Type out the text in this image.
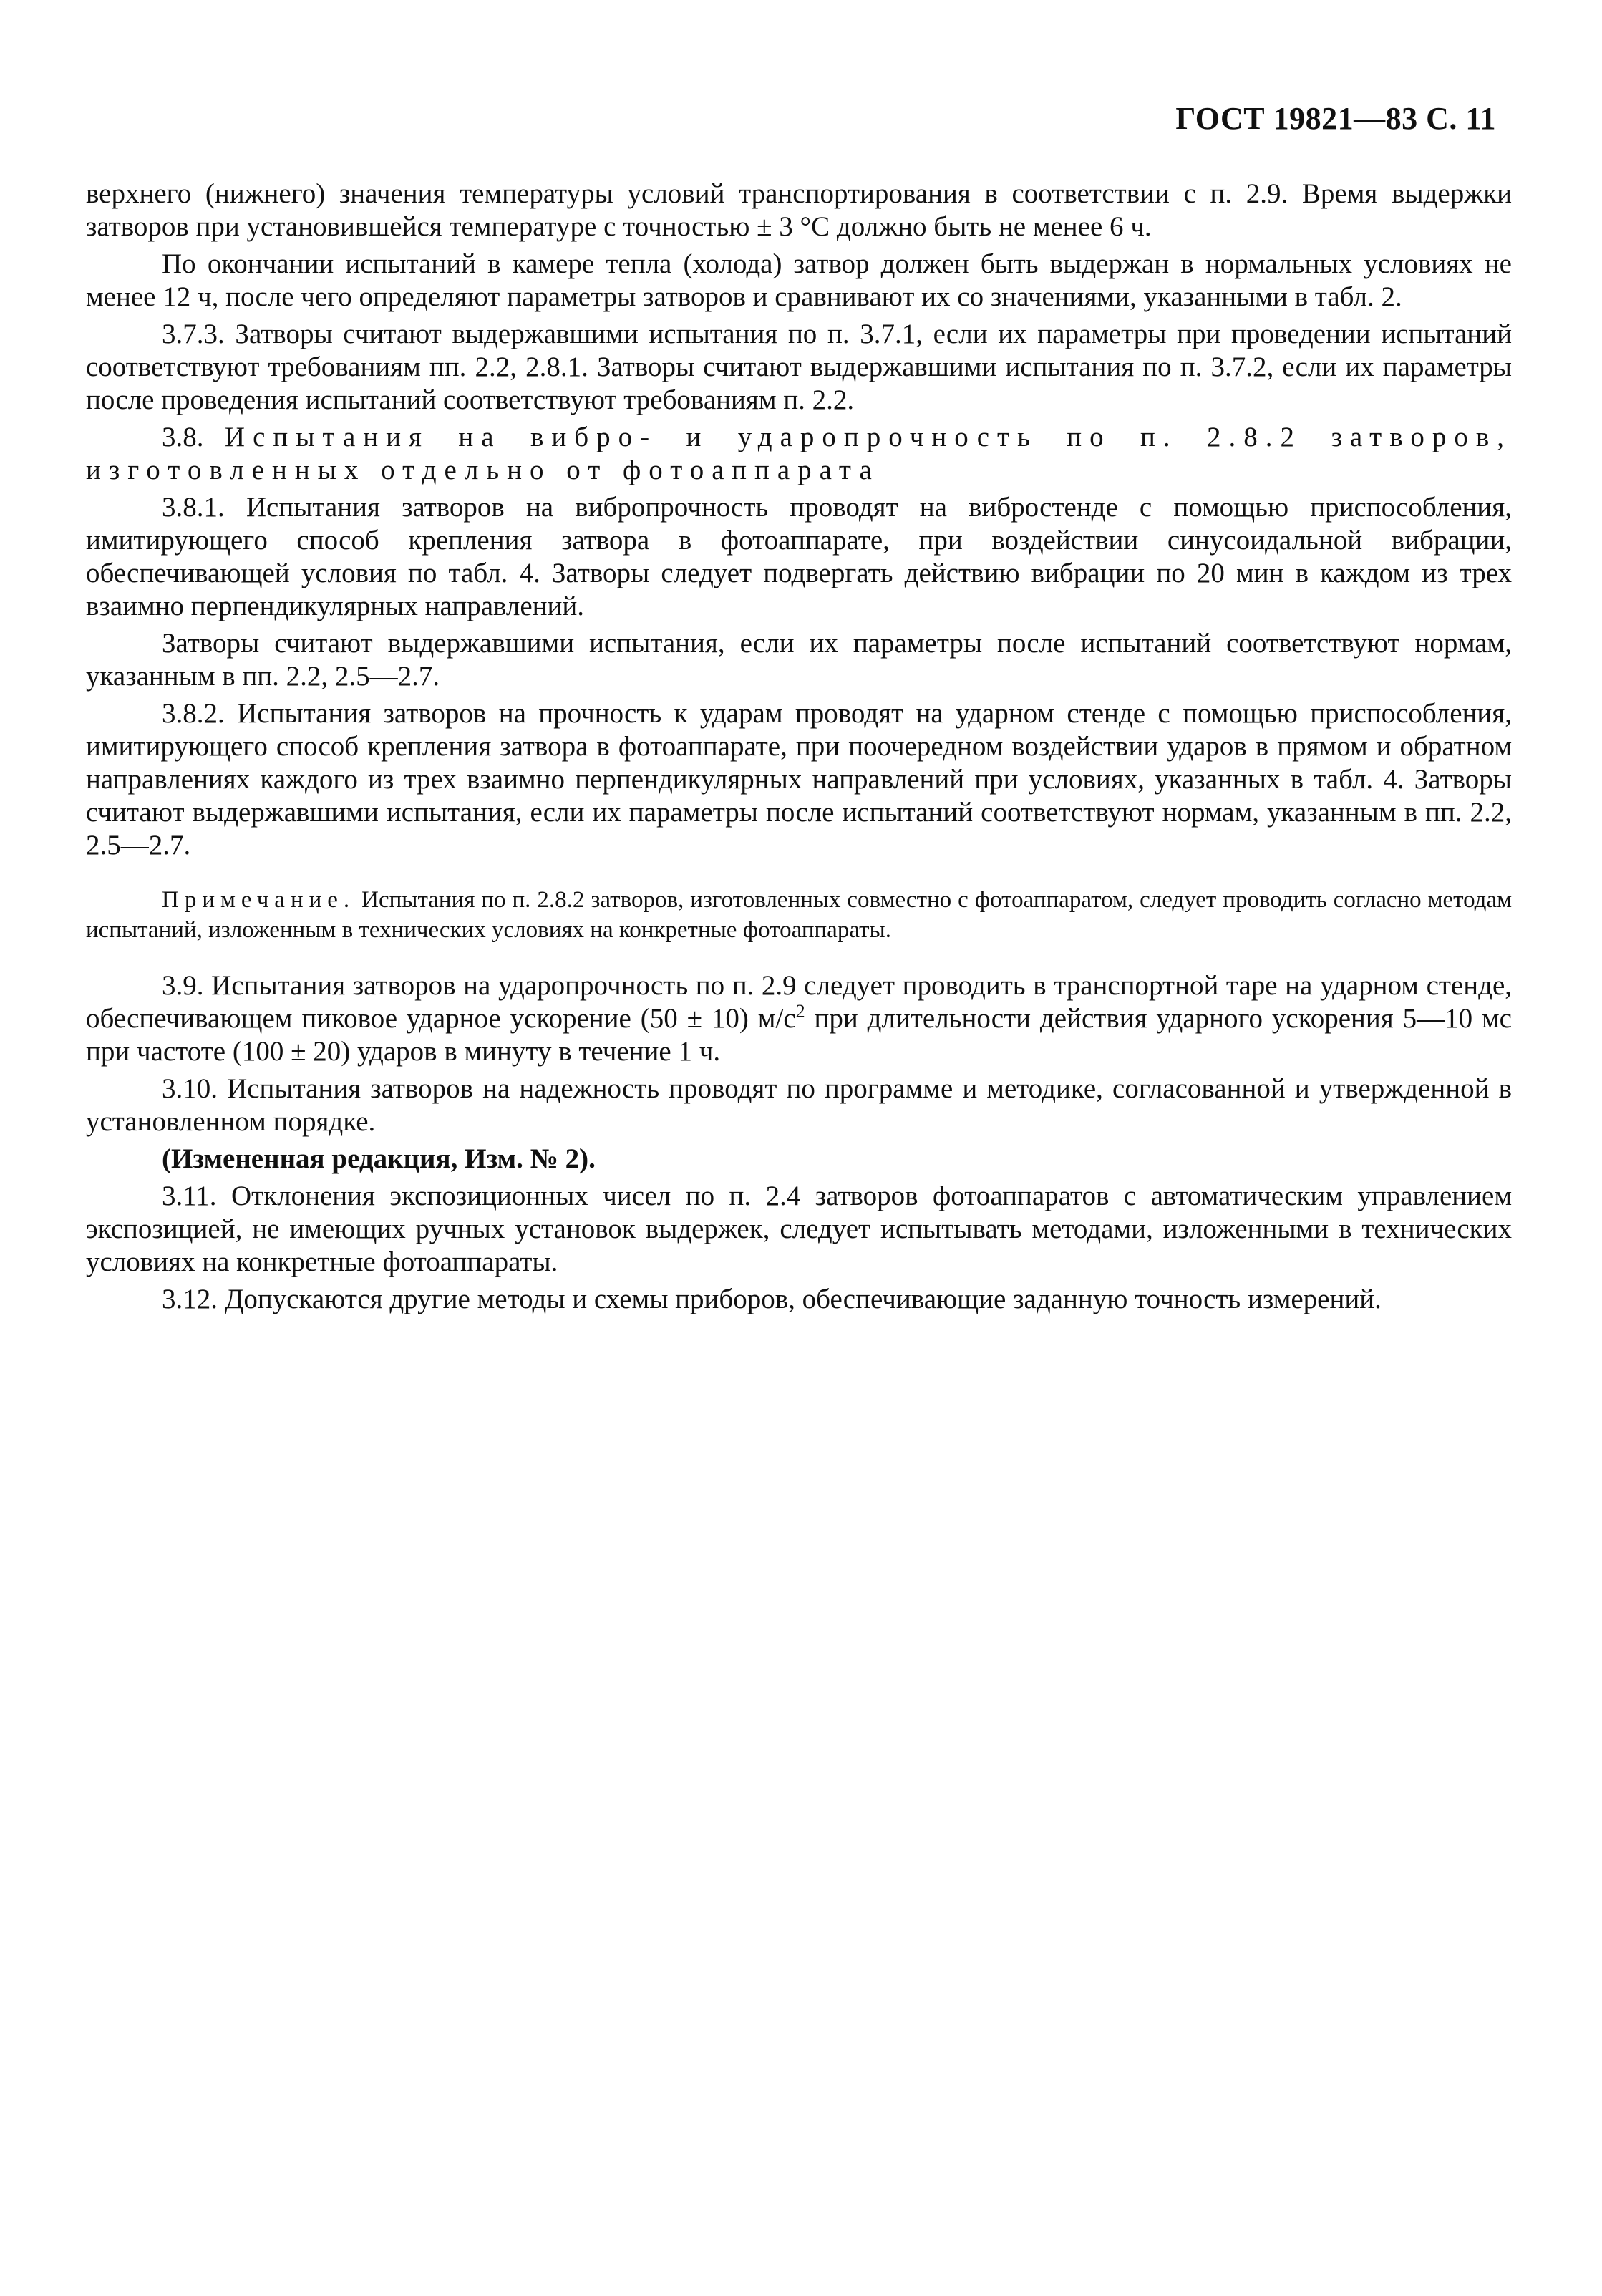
ГОСТ 19821—83 С. 11

верхнего (нижнего) значения температуры условий транспортирования в соответствии с п. 2.9. Время выдержки затворов при установившейся температуре с точностью ± 3 °С должно быть не менее 6 ч.

По окончании испытаний в камере тепла (холода) затвор должен быть выдержан в нормальных условиях не менее 12 ч, после чего определяют параметры затворов и сравнивают их со значениями, указанными в табл. 2.

3.7.3. Затворы считают выдержавшими испытания по п. 3.7.1, если их параметры при проведении испытаний соответствуют требованиям пп. 2.2, 2.8.1. Затворы считают выдержавшими испытания по п. 3.7.2, если их параметры после проведения испытаний соответствуют требованиям п. 2.2.

3.8. Испытания на вибро- и ударопрочность по п. 2.8.2 затворов, изготовленных отдельно от фотоаппарата

3.8.1. Испытания затворов на вибропрочность проводят на вибростенде с помощью приспособления, имитирующего способ крепления затвора в фотоаппарате, при воздействии синусоидальной вибрации, обеспечивающей условия по табл. 4. Затворы следует подвергать действию вибрации по 20 мин в каждом из трех взаимно перпендикулярных направлений.

Затворы считают выдержавшими испытания, если их параметры после испытаний соответствуют нормам, указанным в пп. 2.2, 2.5—2.7.

3.8.2. Испытания затворов на прочность к ударам проводят на ударном стенде с помощью приспособления, имитирующего способ крепления затвора в фотоаппарате, при поочередном воздействии ударов в прямом и обратном направлениях каждого из трех взаимно перпендикулярных направлений при условиях, указанных в табл. 4. Затворы считают выдержавшими испытания, если их параметры после испытаний соответствуют нормам, указанным в пп. 2.2, 2.5—2.7.

Примечание. Испытания по п. 2.8.2 затворов, изготовленных совместно с фотоаппаратом, следует проводить согласно методам испытаний, изложенным в технических условиях на конкретные фотоаппараты.

3.9. Испытания затворов на ударопрочность по п. 2.9 следует проводить в транспортной таре на ударном стенде, обеспечивающем пиковое ударное ускорение (50 ± 10) $м/с^2$ при длительности действия ударного ускорения 5—10 мс при частоте (100 ± 20) ударов в минуту в течение 1 ч.

3.10. Испытания затворов на надежность проводят по программе и методике, согласованной и утвержденной в установленном порядке.

(Измененная редакция, Изм. № 2).

3.11. Отклонения экспозиционных чисел по п. 2.4 затворов фотоаппаратов с автоматическим управлением экспозицией, не имеющих ручных установок выдержек, следует испытывать методами, изложенными в технических условиях на конкретные фотоаппараты.

3.12. Допускаются другие методы и схемы приборов, обеспечивающие заданную точность измерений.
